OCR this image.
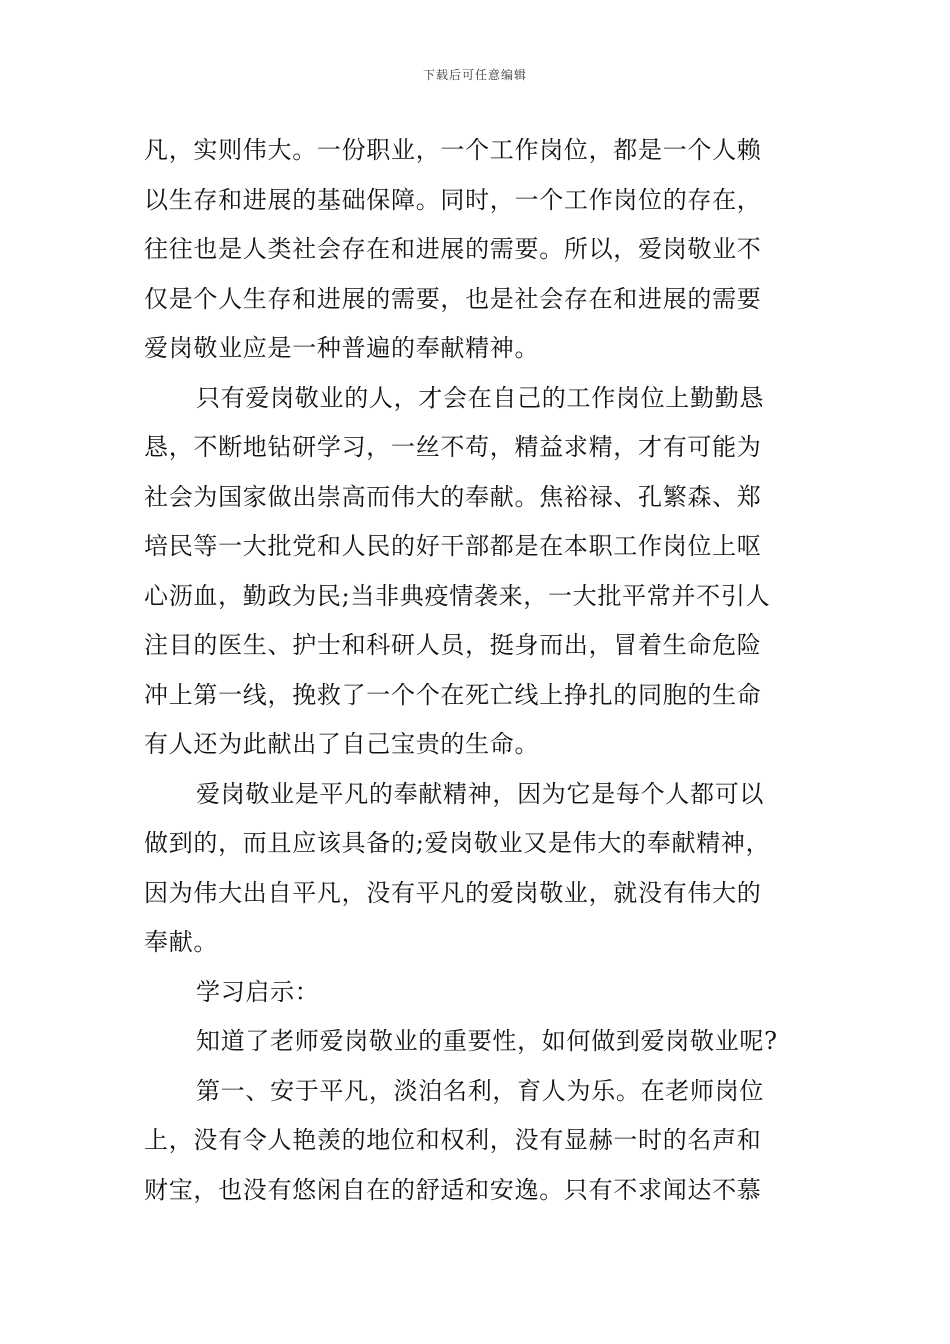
下载后可任意编辑
凡，实则伟大。一份职业，一个工作岗位，都是一个人赖
以生存和进展的基础保障。同时，一个工作岗位的存在，
往往也是人类社会存在和进展的需要。所以，爱岗敬业不
仅是个人生存和进展的需要，也是社会存在和进展的需要
爱岗敬业应是一种普遍的奉献精神。
只有爱岗敬业的人，才会在自己的工作岗位上勤勤恳
恳，不断地钻研学习，一丝不苟，精益求精，才有可能为
社会为国家做出崇高而伟大的奉献。焦裕禄、孔繁森、郑
培民等一大批党和人民的好干部都是在本职工作岗位上呕
心沥血，勤政为民;当非典疫情袭来，一大批平常并不引人
注目的医生、护士和科研人员，挺身而出，冒着生命危险
冲上第一线，挽救了一个个在死亡线上挣扎的同胞的生命
有人还为此献出了自己宝贵的生命。
爱岗敬业是平凡的奉献精神，因为它是每个人都可以
做到的，而且应该具备的;爱岗敬业又是伟大的奉献精神，
因为伟大出自平凡，没有平凡的爱岗敬业，就没有伟大的
奉献。
学习启示：
知道了老师爱岗敬业的重要性，如何做到爱岗敬业呢?
第一、安于平凡，淡泊名利，育人为乐。在老师岗位
上，没有令人艳羡的地位和权利，没有显赫一时的名声和
财宝，也没有悠闲自在的舒适和安逸。只有不求闻达不慕
